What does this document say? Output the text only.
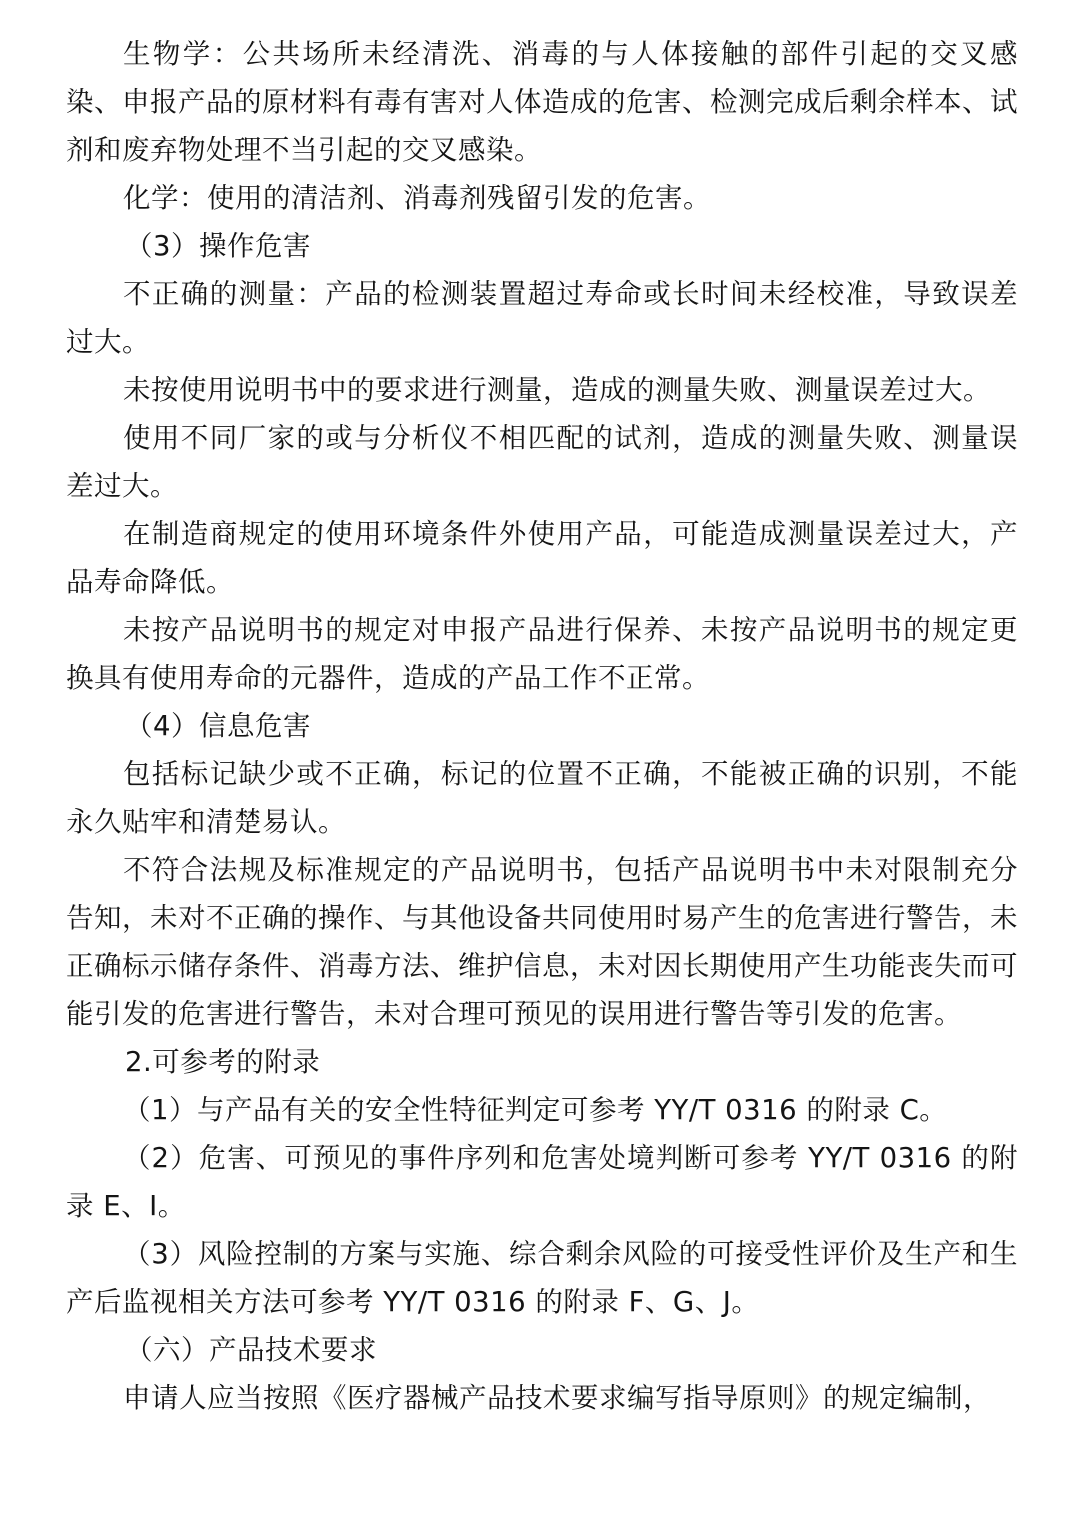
生物学：公共场所未经清洗、消毒的与人体接触的部件引起的交叉感染、申报产品的原材料有毒有害对人体造成的危害、检测完成后剩余样本、试剂和废弃物处理不当引起的交叉感染。

化学：使用的清洁剂、消毒剂残留引发的危害。

（3）操作危害

不正确的测量：产品的检测装置超过寿命或长时间未经校准，导致误差过大。

未按使用说明书中的要求进行测量，造成的测量失败、测量误差过大。

使用不同厂家的或与分析仪不相匹配的试剂，造成的测量失败、测量误差过大。

在制造商规定的使用环境条件外使用产品，可能造成测量误差过大，产品寿命降低。

未按产品说明书的规定对申报产品进行保养、未按产品说明书的规定更换具有使用寿命的元器件，造成的产品工作不正常。

（4）信息危害

包括标记缺少或不正确，标记的位置不正确，不能被正确的识别，不能永久贴牢和清楚易认。

不符合法规及标准规定的产品说明书，包括产品说明书中未对限制充分告知，未对不正确的操作、与其他设备共同使用时易产生的危害进行警告，未正确标示储存条件、消毒方法、维护信息，未对因长期使用产生功能丧失而可能引发的危害进行警告，未对合理可预见的误用进行警告等引发的危害。

2.可参考的附录

（1）与产品有关的安全性特征判定可参考 YY/T 0316 的附录 C。

（2）危害、可预见的事件序列和危害处境判断可参考 YY/T 0316 的附录 E、I。

（3）风险控制的方案与实施、综合剩余风险的可接受性评价及生产和生产后监视相关方法可参考 YY/T 0316 的附录 F、G、J。

（六）产品技术要求

申请人应当按照《医疗器械产品技术要求编写指导原则》的规定编制，
